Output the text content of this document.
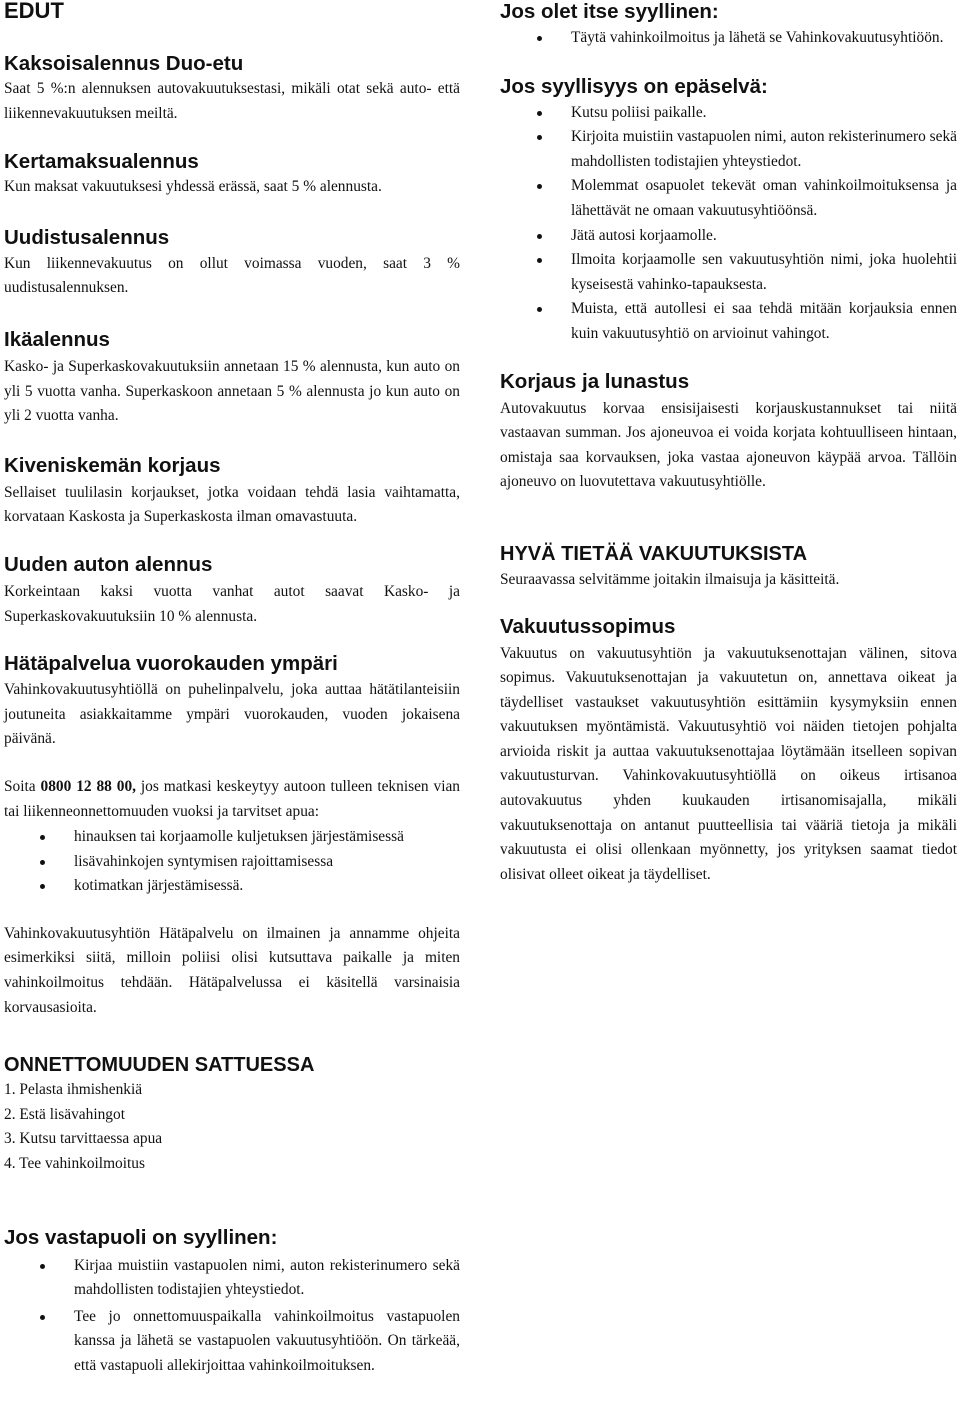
EDUT
Kaksoisalennus Duo-etu

Saat 5 %:n alennuksen autovakuutuksestasi, mikäli otat sekä auto- että liikennevakuutuksen meiltä.

Kertamaksualennus

Kun maksat vakuutuksesi yhdessä erässä, saat 5 % alennusta.

Uudistusalennus

Kun liikennevakuutus on ollut voimassa vuoden, saat 3 % uudistusalennuksen.

Ikäalennus

Kasko- ja Superkaskovakuutuksiin annetaan 15 % alennusta, kun auto on yli 5 vuotta vanha. Superkaskoon annetaan 5 % alennusta jo kun auto on yli 2 vuotta vanha.

Kiveniskemän korjaus

Sellaiset tuulilasin korjaukset, jotka voidaan tehdä lasia vaihtamatta, korvataan Kaskosta ja Superkaskosta ilman omavastuuta.

Uuden auton alennus

Korkeintaan kaksi vuotta vanhat autot saavat Kasko- ja Superkaskovakuutuksiin 10 % alennusta.

Hätäpalvelua vuorokauden ympäri

Vahinkovakuutusyhtiöllä on puhelinpalvelu, joka auttaa hätätilanteisiin joutuneita asiakkaitamme ympäri vuorokauden, vuoden jokaisena päivänä.

Soita 0800 12 88 00, jos matkasi keskeytyy autoon tulleen teknisen vian tai liikenneonnettomuuden vuoksi ja tarvitset apua:

hinauksen tai korjaamolle kuljetuksen järjestämisessä
lisävahinkojen syntymisen rajoittamisessa
kotimatkan järjestämisessä.

Vahinkovakuutusyhtiön Hätäpalvelu on ilmainen ja annamme ohjeita esimerkiksi siitä, milloin poliisi olisi kutsuttava paikalle ja miten vahinkoilmoitus tehdään. Hätäpalvelussa ei käsitellä varsinaisia korvausasioita.

ONNETTOMUUDEN SATTUESSA
1. Pelasta ihmishenkiä
2. Estä lisävahingot
3. Kutsu tarvittaessa apua
4. Tee vahinkoilmoitus
Jos vastapuoli on syyllinen:
Kirjaa muistiin vastapuolen nimi, auton rekisterinumero sekä mahdollisten todistajien yhteystiedot.
Tee jo onnettomuuspaikalla vahinkoilmoitus vastapuolen kanssa ja lähetä se vastapuolen vakuutusyhtiöön. On tärkeää, että vastapuoli allekirjoittaa vahinkoilmoituksen.
Jos olet itse syyllinen:
Täytä vahinkoilmoitus ja lähetä se Vahinkovakuutusyhtiöön.
Jos syyllisyys on epäselvä:
Kutsu poliisi paikalle.
Kirjoita muistiin vastapuolen nimi, auton rekisterinumero sekä mahdollisten todistajien yhteystiedot.
Molemmat osapuolet tekevät oman vahinkoilmoituksensa ja lähettävät ne omaan vakuutusyhtiöönsä.
Jätä autosi korjaamolle.
Ilmoita korjaamolle sen vakuutusyhtiön nimi, joka huolehtii kyseisestä vahinko-tapauksesta.
Muista, että autollesi ei saa tehdä mitään korjauksia ennen kuin vakuutusyhtiö on arvioinut vahingot.
Korjaus ja lunastus

Autovakuutus korvaa ensisijaisesti korjauskustannukset tai niitä vastaavan summan. Jos ajoneuvoa ei voida korjata kohtuulliseen hintaan, omistaja saa korvauksen, joka vastaa ajoneuvon käypää arvoa. Tällöin ajoneuvo on luovutettava vakuutusyhtiölle.

HYVÄ TIETÄÄ VAKUUTUKSISTA

Seuraavassa selvitämme joitakin ilmaisuja ja käsitteitä.

Vakuutussopimus

Vakuutus on vakuutusyhtiön ja vakuutuksenottajan välinen, sitova sopimus. Vakuutuksenottajan ja vakuutetun on, annettava oikeat ja täydelliset vastaukset vakuutusyhtiön esittämiin kysymyksiin ennen vakuutuksen myöntämistä. Vakuutusyhtiö voi näiden tietojen pohjalta arvioida riskit ja auttaa vakuutuksenottajaa löytämään itselleen sopivan vakuutusturvan. Vahinkovakuutusyhtiöllä on oikeus irtisanoa autovakuutus yhden kuukauden irtisanomisajalla, mikäli vakuutuksenottaja on antanut puutteellisia tai vääriä tietoja ja mikäli vakuutusta ei olisi ollenkaan myönnetty, jos yrityksen saamat tiedot olisivat olleet oikeat ja täydelliset.
